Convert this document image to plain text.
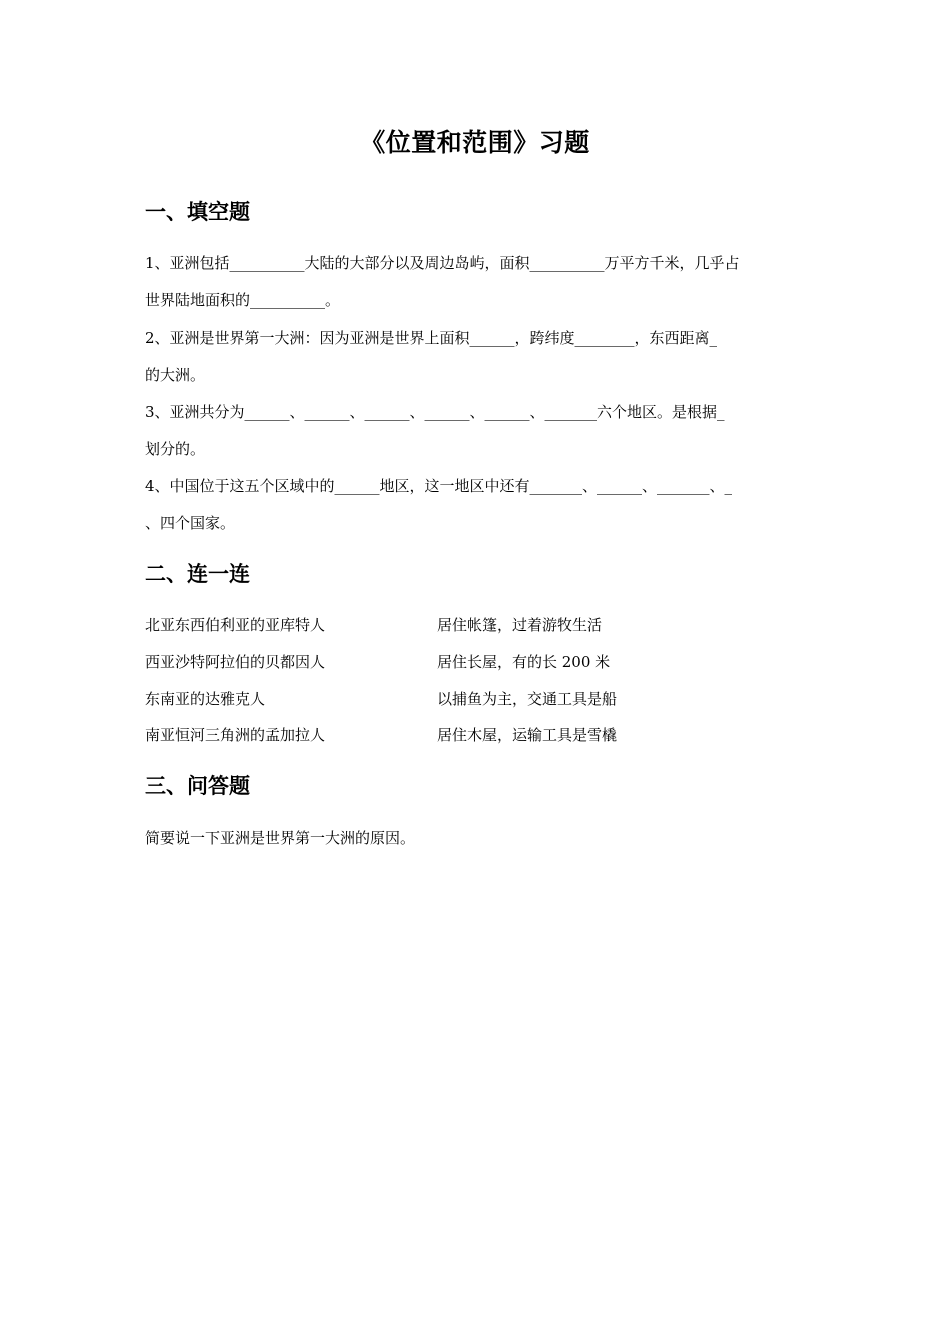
《位置和范围》习题
一、填空题
1、亚洲包括__________大陆的大部分以及周边岛屿，面积__________万平方千米，几乎占
世界陆地面积的__________。
2、亚洲是世界第一大洲：因为亚洲是世界上面积______，跨纬度________，东西距离_
的大洲。
3、亚洲共分为______、______、______、______、______、_______六个地区。是根据_
划分的。
4、中国位于这五个区域中的______地区，这一地区中还有_______、______、_______、_
、四个国家。
二、连一连
北亚东西伯利亚的亚库特人	居住帐篷，过着游牧生活
西亚沙特阿拉伯的贝都因人	居住长屋，有的长 200 米
东南亚的达雅克人	以捕鱼为主，交通工具是船
南亚恒河三角洲的孟加拉人	居住木屋，运输工具是雪橇
三、问答题
简要说一下亚洲是世界第一大洲的原因。
